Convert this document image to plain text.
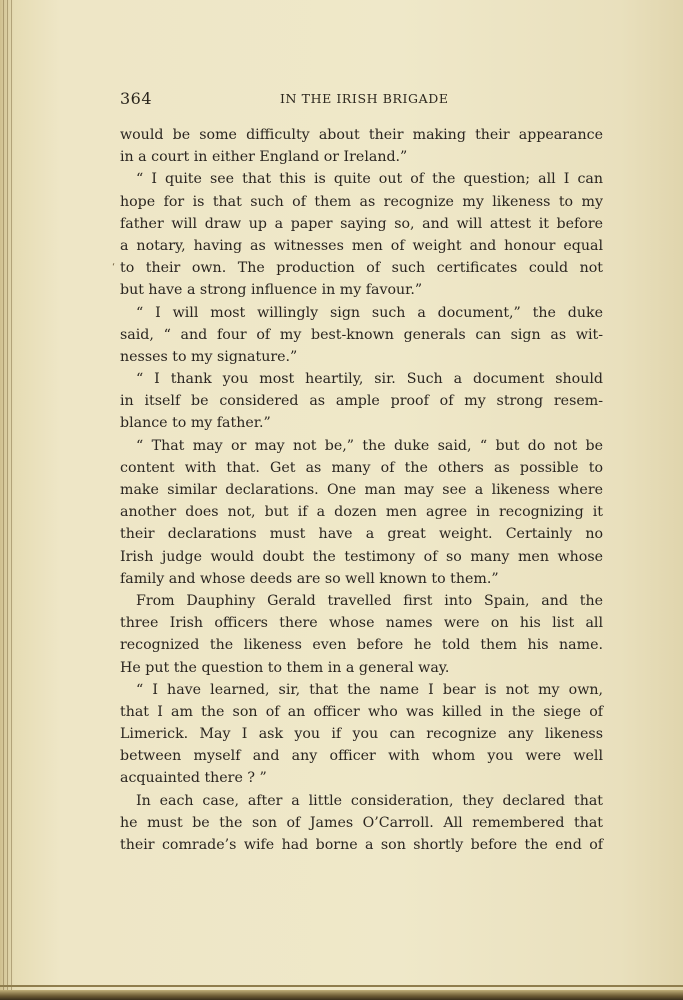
364	IN THE IRISH BRIGADE
‘
would be some difficulty about their making their appearance
in a court in either England or Ireland.”
“ I quite see that this is quite out of the question; all I can
hope for is that such of them as recognize my likeness to my
father will draw up a paper saying so, and will attest it before
a notary, having as witnesses men of weight and honour equal
to their own. The production of such certificates could not
but have a strong influence in my favour.”
“ I will most willingly sign such a document,” the duke
said, “ and four of my best-known generals can sign as wit-
nesses to my signature.”
“ I thank you most heartily, sir. Such a document should
in itself be considered as ample proof of my strong resem-
blance to my father.”
“ That may or may not be,” the duke said, “ but do not be
content with that. Get as many of the others as possible to
make similar declarations. One man may see a likeness where
another does not, but if a dozen men agree in recognizing it
their declarations must have a great weight. Certainly no
Irish judge would doubt the testimony of so many men whose
family and whose deeds are so well known to them.”
From Dauphiny Gerald travelled first into Spain, and the
three Irish officers there whose names were on his list all
recognized the likeness even before he told them his name.
He put the question to them in a general way.
“ I have learned, sir, that the name I bear is not my own,
that I am the son of an officer who was killed in the siege of
Limerick. May I ask you if you can recognize any likeness
between myself and any officer with whom you were well
acquainted there ? ”
In each case, after a little consideration, they declared that
he must be the son of James O’Carroll. All remembered that
their comrade’s wife had borne a son shortly before the end of
